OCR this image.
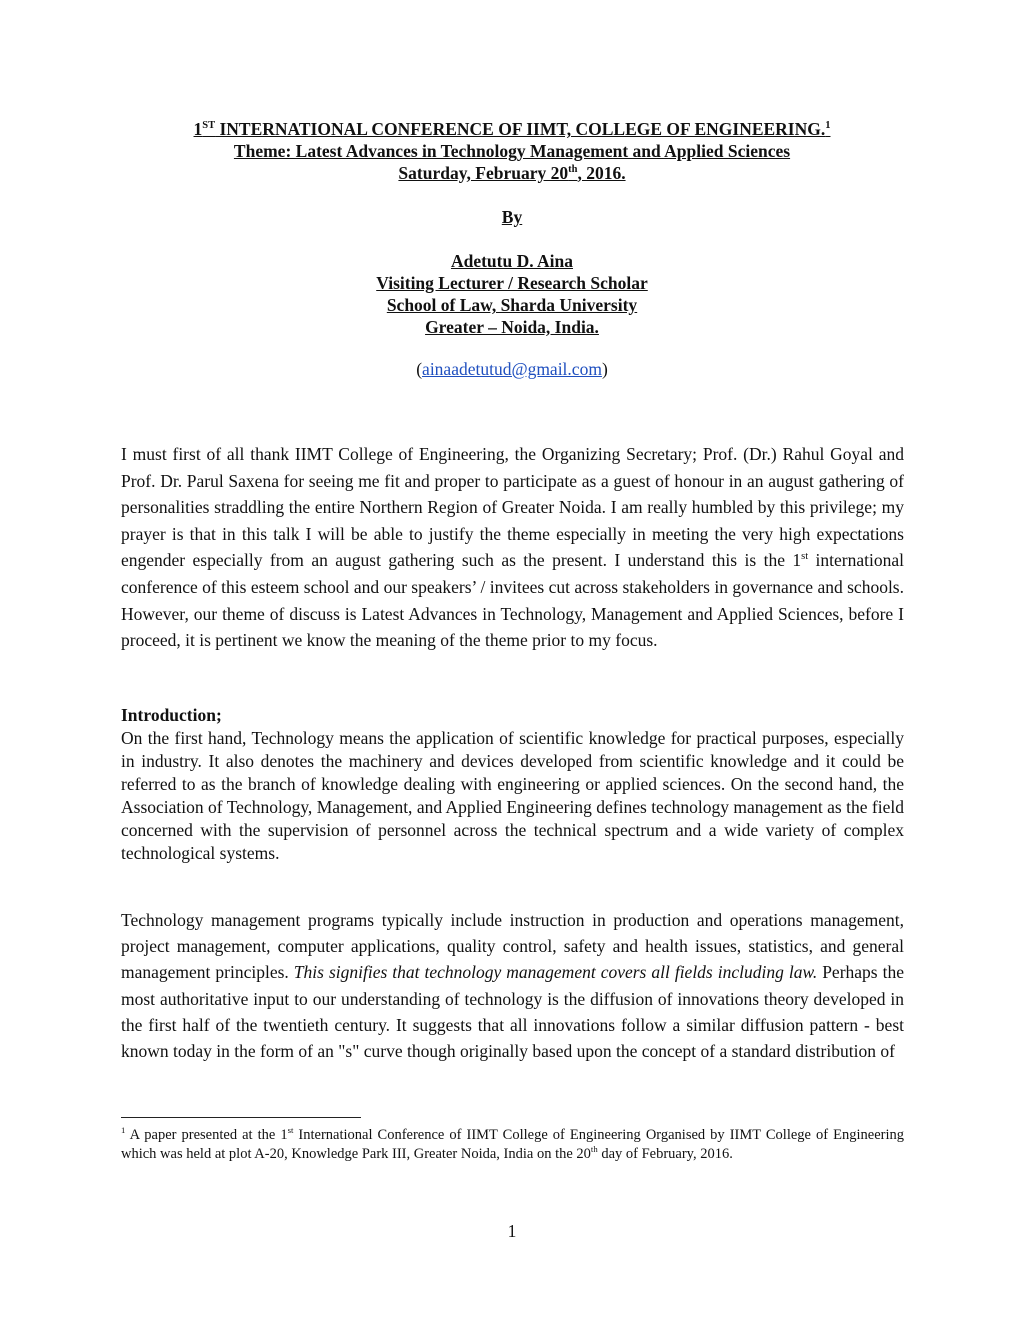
1ST INTERNATIONAL CONFERENCE OF IIMT, COLLEGE OF ENGINEERING.$^1$
Theme: Latest Advances in Technology Management and Applied Sciences
Saturday, February 20th, 2016.
By
Adetutu D. Aina
Visiting Lecturer / Research Scholar
School of Law, Sharda University
Greater – Noida, India.
(ainaadetutud@gmail.com)
I must first of all thank IIMT College of Engineering, the Organizing Secretary; Prof. (Dr.) Rahul Goyal and Prof. Dr. Parul Saxena for seeing me fit and proper to participate as a guest of honour in an august gathering of personalities straddling the entire Northern Region of Greater Noida. I am really humbled by this privilege; my prayer is that in this talk I will be able to justify the theme especially in meeting the very high expectations engender especially from an august gathering such as the present. I understand this is the 1st international conference of this esteem school and our speakers’ / invitees cut across stakeholders in governance and schools. However, our theme of discuss is Latest Advances in Technology, Management and Applied Sciences, before I proceed, it is pertinent we know the meaning of the theme prior to my focus.
Introduction;
On the first hand, Technology means the application of scientific knowledge for practical purposes, especially in industry. It also denotes the machinery and devices developed from scientific knowledge and it could be referred to as the branch of knowledge dealing with engineering or applied sciences. On the second hand, the Association of Technology, Management, and Applied Engineering defines technology management as the field concerned with the supervision of personnel across the technical spectrum and a wide variety of complex technological systems.
Technology management programs typically include instruction in production and operations management, project management, computer applications, quality control, safety and health issues, statistics, and general management principles. This signifies that technology management covers all fields including law. Perhaps the most authoritative input to our understanding of technology is the diffusion of innovations theory developed in the first half of the twentieth century. It suggests that all innovations follow a similar diffusion pattern - best known today in the form of an "s" curve though originally based upon the concept of a standard distribution of
$^1$ A paper presented at the 1st International Conference of IIMT College of Engineering Organised by IIMT College of Engineering which was held at plot A-20, Knowledge Park III, Greater Noida, India on the 20th day of February, 2016.
1
